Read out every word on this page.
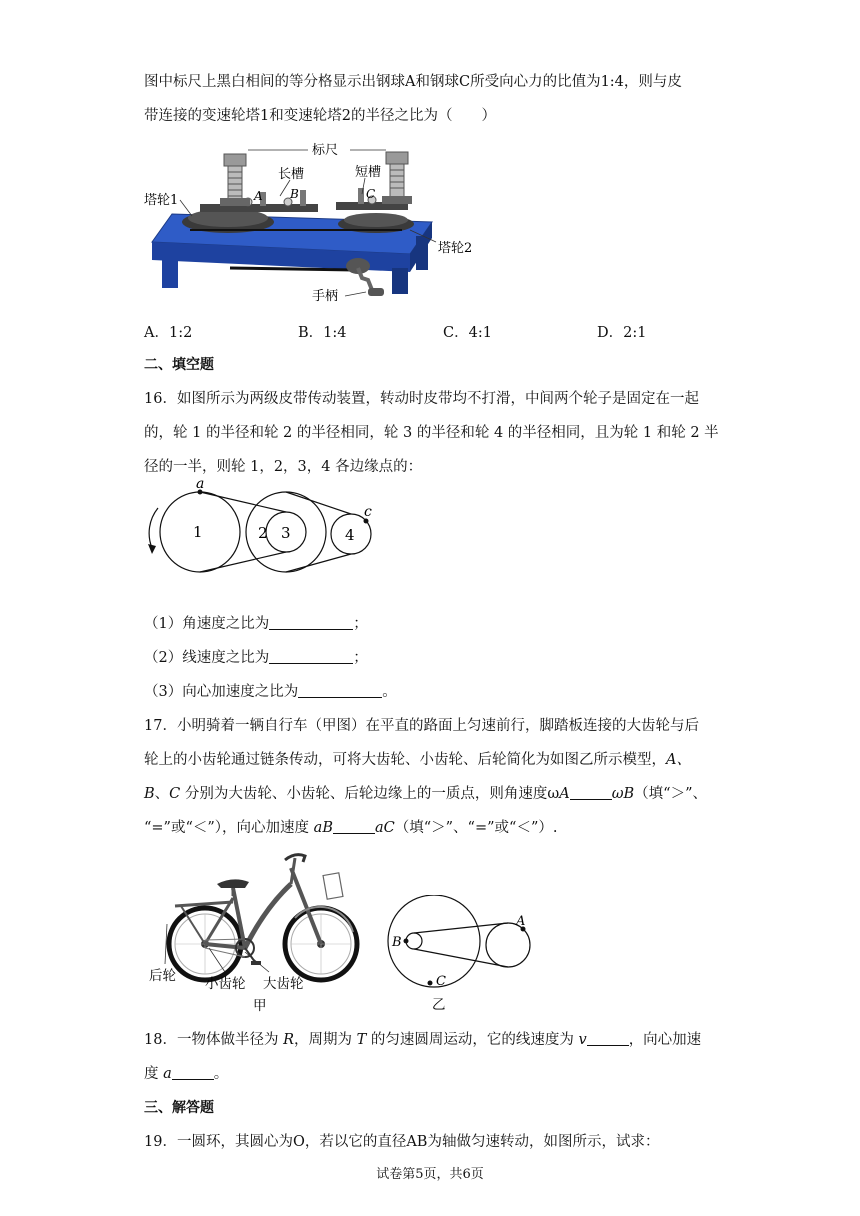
图中标尺上黑白相间的等分格显示出钢球A和钢球C所受向心力的比值为1:4，则与皮
带连接的变速轮塔1和变速轮塔2的半径之比为（　　）
标尺
长槽	短槽
塔轮1
塔轮2
手柄
A B	C
A．1:2	B．1:4	C．4:1	D．2:1
二、填空题
16．如图所示为两级皮带传动装置，转动时皮带均不打滑，中间两个轮子是固定在一起
的，轮 1 的半径和轮 2 的半径相同，轮 3 的半径和轮 4 的半径相同，且为轮 1 和轮 2 半
径的一半，则轮 1，2，3，4 各边缘点的：
1	2 3	4
a
c
（1）角速度之比为	；
（2）线速度之比为	；
（3）向心加速度之比为	。
17．小明骑着一辆自行车（甲图）在平直的路面上匀速前行，脚踏板连接的大齿轮与后
轮上的小齿轮通过链条传动，可将大齿轮、小齿轮、后轮简化为如图乙所示模型，A、
B、C 分别为大齿轮、小齿轮、后轮边缘上的一质点，则角速度ωA	ωB（填“＞”、
“=”或“＜”），向心加速度 aB	aC（填“＞”、“=”或“＜”）.
后轮 小齿轮 大齿轮
甲
B
A
C
乙
18．一物体做半径为 R，周期为 T 的匀速圆周运动，它的线速度为 v	，向心加速
度 a	。
三、解答题
19．一圆环，其圆心为O，若以它的直径AB为轴做匀速转动，如图所示，试求：
试卷第5页，共6页
